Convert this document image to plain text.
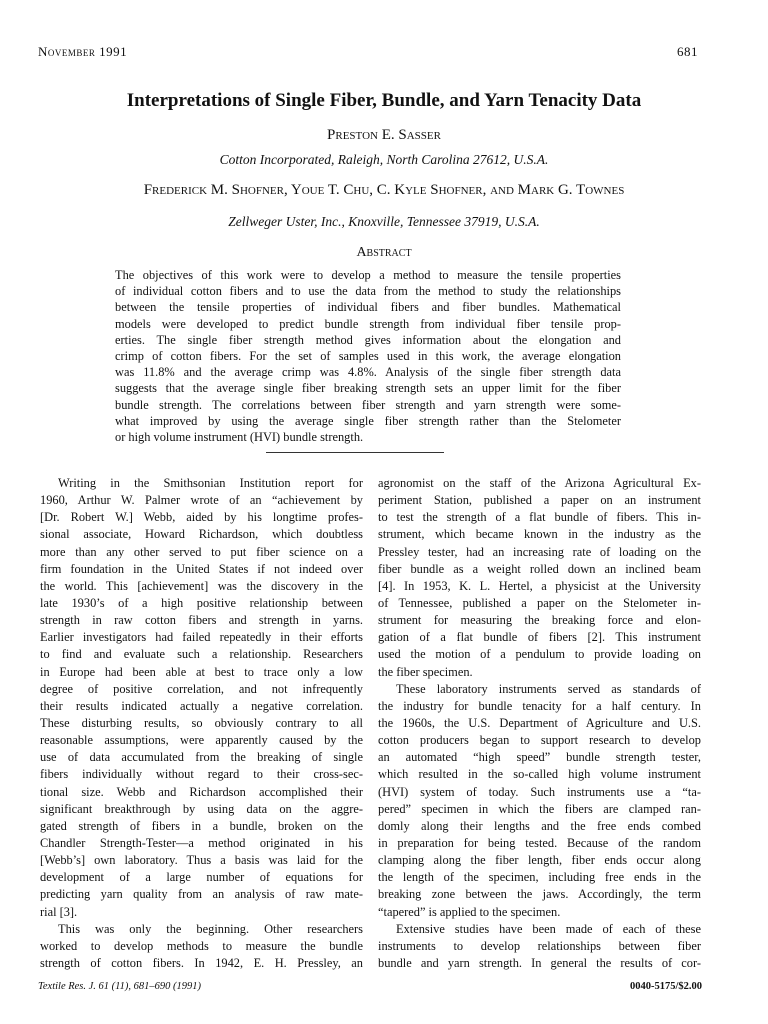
November 1991	681
Interpretations of Single Fiber, Bundle, and Yarn Tenacity Data
Preston E. Sasser
Cotton Incorporated, Raleigh, North Carolina 27612, U.S.A.
Frederick M. Shofner, Youe T. Chu, C. Kyle Shofner, and Mark G. Townes
Zellweger Uster, Inc., Knoxville, Tennessee 37919, U.S.A.
Abstract
The objectives of this work were to develop a method to measure the tensile properties
of individual cotton fibers and to use the data from the method to study the relationships
between the tensile properties of individual fibers and fiber bundles. Mathematical
models were developed to predict bundle strength from individual fiber tensile prop-
erties. The single fiber strength method gives information about the elongation and
crimp of cotton fibers. For the set of samples used in this work, the average elongation
was 11.8% and the average crimp was 4.8%. Analysis of the single fiber strength data
suggests that the average single fiber breaking strength sets an upper limit for the fiber
bundle strength. The correlations between fiber strength and yarn strength were some-
what improved by using the average single fiber strength rather than the Stelometer
or high volume instrument (HVI) bundle strength.
Writing in the Smithsonian Institution report for
1960, Arthur W. Palmer wrote of an “achievement by
[Dr. Robert W.] Webb, aided by his longtime profes-
sional associate, Howard Richardson, which doubtless
more than any other served to put fiber science on a
firm foundation in the United States if not indeed over
the world. This [achievement] was the discovery in the
late 1930’s of a high positive relationship between
strength in raw cotton fibers and strength in yarns.
Earlier investigators had failed repeatedly in their efforts
to find and evaluate such a relationship. Researchers
in Europe had been able at best to trace only a low
degree of positive correlation, and not infrequently
their results indicated actually a negative correlation.
These disturbing results, so obviously contrary to all
reasonable assumptions, were apparently caused by the
use of data accumulated from the breaking of single
fibers individually without regard to their cross-sec-
tional size. Webb and Richardson accomplished their
significant breakthrough by using data on the aggre-
gated strength of fibers in a bundle, broken on the
Chandler Strength-Tester—a method originated in his
[Webb’s] own laboratory. Thus a basis was laid for the
development of a large number of equations for
predicting yarn quality from an analysis of raw mate-
rial [3].
This was only the beginning. Other researchers
worked to develop methods to measure the bundle
strength of cotton fibers. In 1942, E. H. Pressley, an
agronomist on the staff of the Arizona Agricultural Ex-
periment Station, published a paper on an instrument
to test the strength of a flat bundle of fibers. This in-
strument, which became known in the industry as the
Pressley tester, had an increasing rate of loading on the
fiber bundle as a weight rolled down an inclined beam
[4]. In 1953, K. L. Hertel, a physicist at the University
of Tennessee, published a paper on the Stelometer in-
strument for measuring the breaking force and elon-
gation of a flat bundle of fibers [2]. This instrument
used the motion of a pendulum to provide loading on
the fiber specimen.
These laboratory instruments served as standards of
the industry for bundle tenacity for a half century. In
the 1960s, the U.S. Department of Agriculture and U.S.
cotton producers began to support research to develop
an automated “high speed” bundle strength tester,
which resulted in the so-called high volume instrument
(HVI) system of today. Such instruments use a “ta-
pered” specimen in which the fibers are clamped ran-
domly along their lengths and the free ends combed
in preparation for being tested. Because of the random
clamping along the fiber length, fiber ends occur along
the length of the specimen, including free ends in the
breaking zone between the jaws. Accordingly, the term
“tapered” is applied to the specimen.
Extensive studies have been made of each of these
instruments to develop relationships between fiber
bundle and yarn strength. In general the results of cor-
Textile Res. J. 61 (11), 681–690 (1991)	0040-5175/$2.00
